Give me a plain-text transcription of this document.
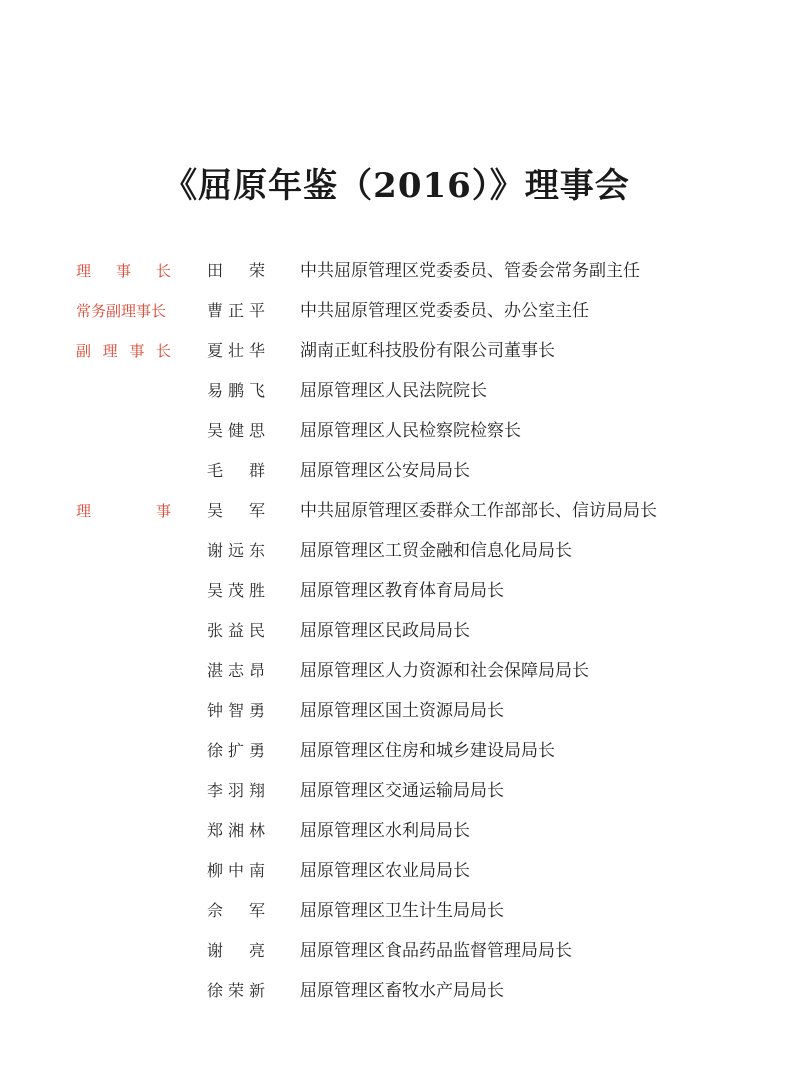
《屈原年鉴（2016）》理事会
理 事 长 田 荣 中共屈原管理区党委委员、管委会常务副主任
常务副理事长	曹 正 平 中共屈原管理区党委委员、办公室主任
副 理 事 长 夏 壮 华 湖南正虹科技股份有限公司董事长
易 鹏 飞 屈原管理区人民法院院长
吴 健 思 屈原管理区人民检察院检察长
毛 群 屈原管理区公安局局长
理	事 吴 军 中共屈原管理区委群众工作部部长、信访局局长
谢 远 东 屈原管理区工贸金融和信息化局局长
吴 茂 胜 屈原管理区教育体育局局长
张 益 民 屈原管理区民政局局长
湛 志 昂 屈原管理区人力资源和社会保障局局长
钟 智 勇 屈原管理区国土资源局局长
徐 扩 勇 屈原管理区住房和城乡建设局局长
李 羽 翔 屈原管理区交通运输局局长
郑 湘 林 屈原管理区水利局局长
柳 中 南 屈原管理区农业局局长
佘 军 屈原管理区卫生计生局局长
谢 亮 屈原管理区食品药品监督管理局局长
徐 荣 新 屈原管理区畜牧水产局局长
